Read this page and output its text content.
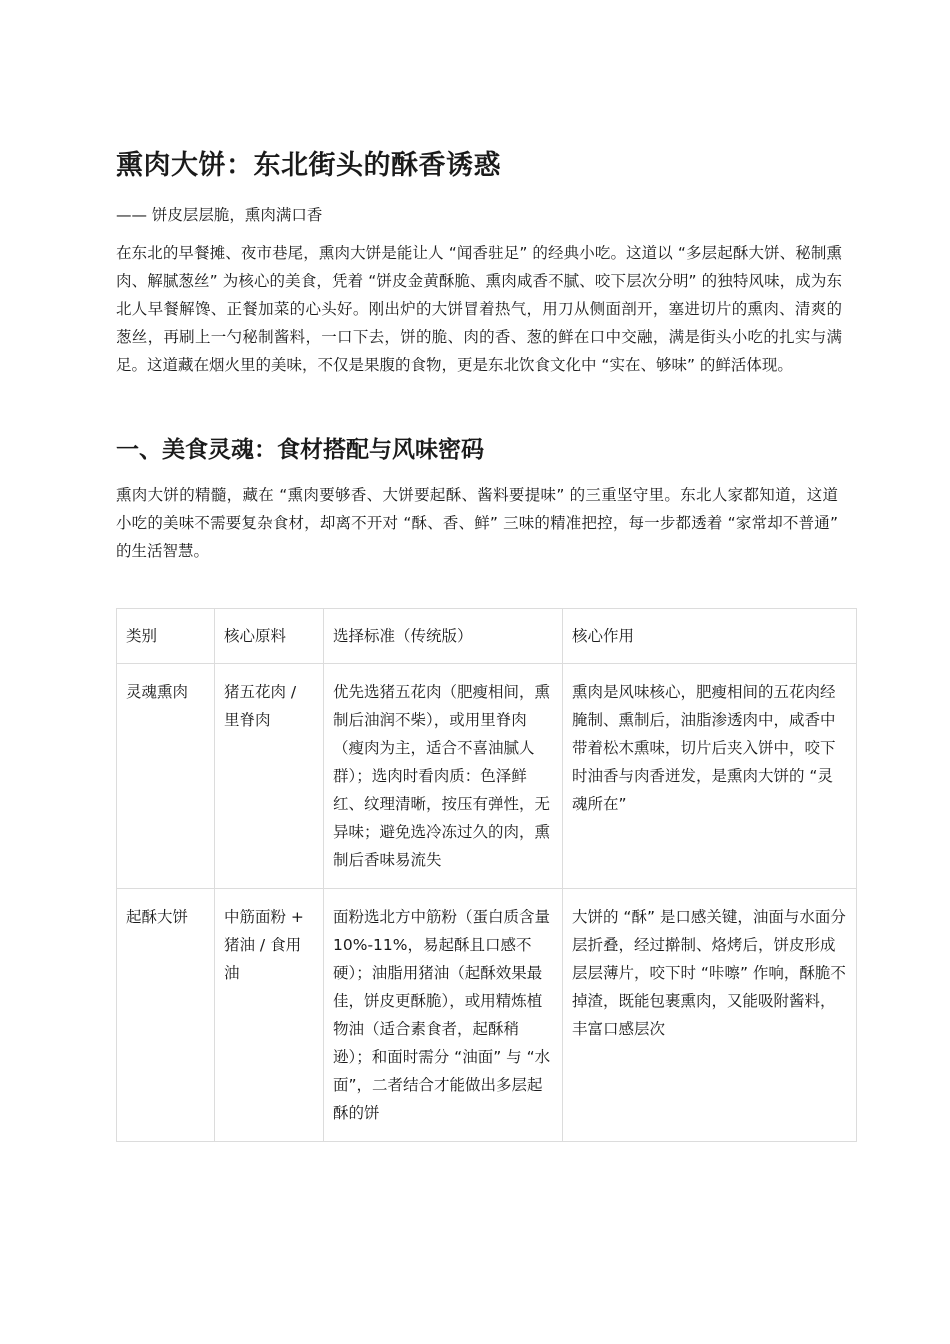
熏肉大饼：东北街头的酥香诱惑

—— 饼皮层层脆，熏肉满口香

在东北的早餐摊、夜市巷尾，熏肉大饼是能让人 “闻香驻足” 的经典小吃。这道以 “多层起酥大饼、秘制熏肉、解腻葱丝” 为核心的美食，凭着 “饼皮金黄酥脆、熏肉咸香不腻、咬下层次分明” 的独特风味，成为东北人早餐解馋、正餐加菜的心头好。刚出炉的大饼冒着热气，用刀从侧面剖开，塞进切片的熏肉、清爽的葱丝，再刷上一勺秘制酱料，一口下去，饼的脆、肉的香、葱的鲜在口中交融，满是街头小吃的扎实与满足。这道藏在烟火里的美味，不仅是果腹的食物，更是东北饮食文化中 “实在、够味” 的鲜活体现。

一、美食灵魂：食材搭配与风味密码

熏肉大饼的精髓，藏在 “熏肉要够香、大饼要起酥、酱料要提味” 的三重坚守里。东北人家都知道，这道小吃的美味不需要复杂食材，却离不开对 “酥、香、鲜” 三味的精准把控，每一步都透着 “家常却不普通” 的生活智慧。

类别	核心原料	选择标准（传统版）	核心作用
灵魂熏肉	猪五花肉 / 里脊肉	优先选猪五花肉（肥瘦相间，熏制后油润不柴），或用里脊肉（瘦肉为主，适合不喜油腻人群）；选肉时看肉质：色泽鲜红、纹理清晰，按压有弹性，无异味；避免选冷冻过久的肉，熏制后香味易流失	熏肉是风味核心，肥瘦相间的五花肉经腌制、熏制后，油脂渗透肉中，咸香中带着松木熏味，切片后夹入饼中，咬下时油香与肉香迸发，是熏肉大饼的 “灵魂所在”
起酥大饼	中筋面粉 + 猪油 / 食用油	面粉选北方中筋粉（蛋白质含量 10%-11%，易起酥且口感不硬）；油脂用猪油（起酥效果最佳，饼皮更酥脆），或用精炼植物油（适合素食者，起酥稍逊）；和面时需分 “油面” 与 “水面”，二者结合才能做出多层起酥的饼	大饼的 “酥” 是口感关键，油面与水面分层折叠，经过擀制、烙烤后，饼皮形成层层薄片，咬下时 “咔嚓” 作响，酥脆不掉渣，既能包裹熏肉，又能吸附酱料，丰富口感层次
